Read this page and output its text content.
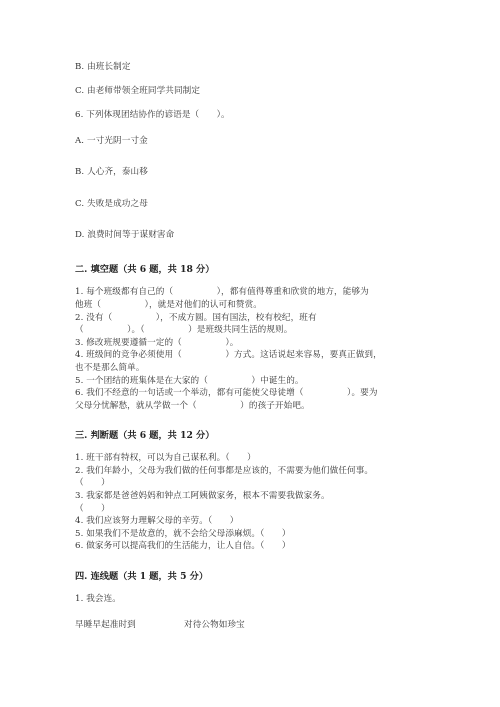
B. 由班长制定
C. 由老师带领全班同学共同制定
6. 下列体现团结协作的谚语是（　　）。
A. 一寸光阴一寸金
B. 人心齐，泰山移
C. 失败是成功之母
D. 浪费时间等于谋财害命
二. 填空题（共 6 题，共 18 分）
1. 每个班级都有自己的（　　　　　），都有值得尊重和欣赏的地方，能够为
他班（　　　　　），就是对他们的认可和赞赏。
2. 没有（　　　　　），不成方圆。国有国法，校有校纪，班有
（　　　　　）。（　　　　　）是班级共同生活的规则。
3. 修改班规要遵循一定的（　　　　　）。
4. 班级间的竞争必须使用（　　　　　）方式。这话说起来容易，要真正做到，
也不是那么简单。
5. 一个团结的班集体是在大家的（　　　　　）中诞生的。
6. 我们不经意的一句话或一个举动，都有可能使父母徒增（　　　　　）。要为
父母分忧解愁，就从学做一个（　　　　　）的孩子开始吧。
三. 判断题（共 6 题，共 12 分）
1. 班干部有特权，可以为自己谋私利。（　　）
2. 我们年龄小，父母为我们做的任何事都是应该的，不需要为他们做任何事。
（　　）
3. 我家都是爸爸妈妈和钟点工阿姨做家务，根本不需要我做家务。
（　　）
4. 我们应该努力理解父母的辛劳。（　　）
5. 如果我们不是故意的，就不会给父母添麻烦。（　　）
6. 做家务可以提高我们的生活能力，让人自信。（　　）
四. 连线题（共 1 题，共 5 分）
1. 我会连。
早睡早起准时到	对待公物如珍宝
